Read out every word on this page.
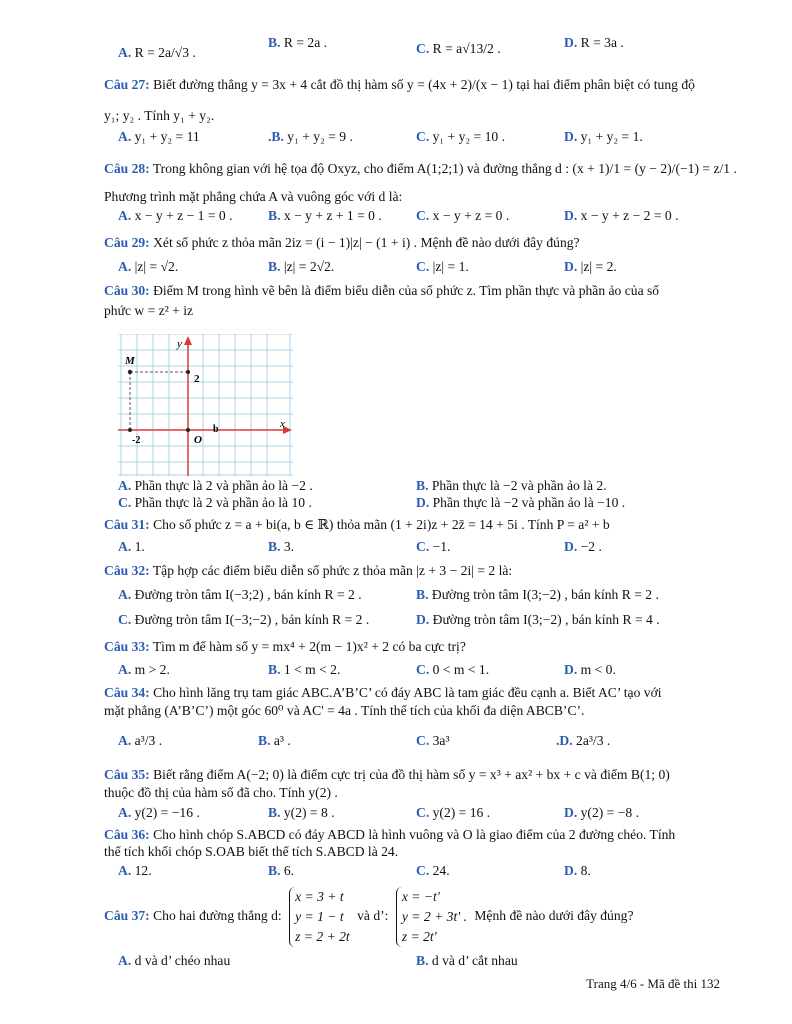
A. R = 2a/√3 .
B. R = 2a .	C. R = a√13/2 .	D. R = 3a .
Câu 27: Biết đường thẳng y = 3x + 4 cắt đồ thị hàm số y = (4x + 2)/(x − 1) tại hai điểm phân biệt có tung độ
y₁; y₂ . Tính y₁ + y₂.
A. y₁ + y₂ = 11	.B. y₁ + y₂ = 9 .	C. y₁ + y₂ = 10 .	D. y₁ + y₂ = 1.
Câu 28: Trong không gian với hệ tọa độ Oxyz, cho điểm A(1;2;1) và đường thẳng d : (x + 1)/1 = (y − 2)/(−1) = z/1 .
Phương trình mặt phẳng chứa A và vuông góc với d là:
A. x − y + z − 1 = 0 .	B. x − y + z + 1 = 0 .	C. x − y + z = 0 .	D. x − y + z − 2 = 0 .
Câu 29: Xét số phức z thỏa mãn 2iz = (i − 1)|z| − (1 + i) . Mệnh đề nào dưới đây đúng?
A. |z| = √2.	B. |z| = 2√2.	C. |z| = 1.	D. |z| = 2.
Câu 30: Điểm M trong hình vẽ bên là điểm biểu diễn của số phức z. Tìm phần thực và phần ảo của số
phức w = z² + iz
M
y
2
b
-2	O
x
A. Phần thực là 2 và phần ảo là −2 .	B. Phần thực là −2 và phần ảo là 2.
C. Phần thực là 2 và phần ảo là 10 .	D. Phần thực là −2 và phần ảo là −10 .
Câu 31: Cho số phức z = a + bi(a, b ∈ ℝ) thỏa mãn (1 + 2i)z + 2z̄ = 14 + 5i . Tính P = a² + b
A. 1.	B. 3.	C. −1.	D. −2 .
Câu 32: Tập hợp các điểm biểu diễn số phức z thỏa mãn |z + 3 − 2i| = 2 là:
A. Đường tròn tâm I(−3;2) , bán kính R = 2 .	B. Đường tròn tâm I(3;−2) , bán kính R = 2 .
C. Đường tròn tâm I(−3;−2) , bán kính R = 2 .	D. Đường tròn tâm I(3;−2) , bán kính R = 4 .
Câu 33: Tìm m để hàm số y = mx⁴ + 2(m − 1)x² + 2 có ba cực trị?
A. m > 2.	B. 1 < m < 2.	C. 0 < m < 1.	D. m < 0.
Câu 34: Cho hình lăng trụ tam giác ABC.A’B’C’ có đáy ABC là tam giác đều cạnh a. Biết AC’ tạo với
mặt phẳng (A’B’C’) một góc 60⁰ và AC' = 4a . Tính thể tích của khối đa diện ABCB’C’.
A. a³/3 .	B. a³ .	C. 3a³	.D. 2a³/3 .
Câu 35: Biết rằng điểm A(−2; 0) là điểm cực trị của đồ thị hàm số y = x³ + ax² + bx + c và điểm B(1; 0)
thuộc đồ thị của hàm số đã cho. Tính y(2) .
A. y(2) = −16 .	B. y(2) = 8 .	C. y(2) = 16 .	D. y(2) = −8 .
Câu 36: Cho hình chóp S.ABCD có đáy ABCD là hình vuông và O là giao điểm của 2 đường chéo. Tính
thể tích khối chóp S.OAB biết thể tích S.ABCD là 24.
A. 12.	B. 6.	C. 24.	D. 8.
Câu 37: Cho hai đường thẳng d:
x = 3 + t
y = 1 − t
z = 2 + 2t
và d’:
x = −t'
y = 2 + 3t' .
z = 2t'
Mệnh đề nào dưới đây đúng?
A. d và d’ chéo nhau	B. d và d’ cắt nhau
Trang 4/6 - Mã đề thi 132
